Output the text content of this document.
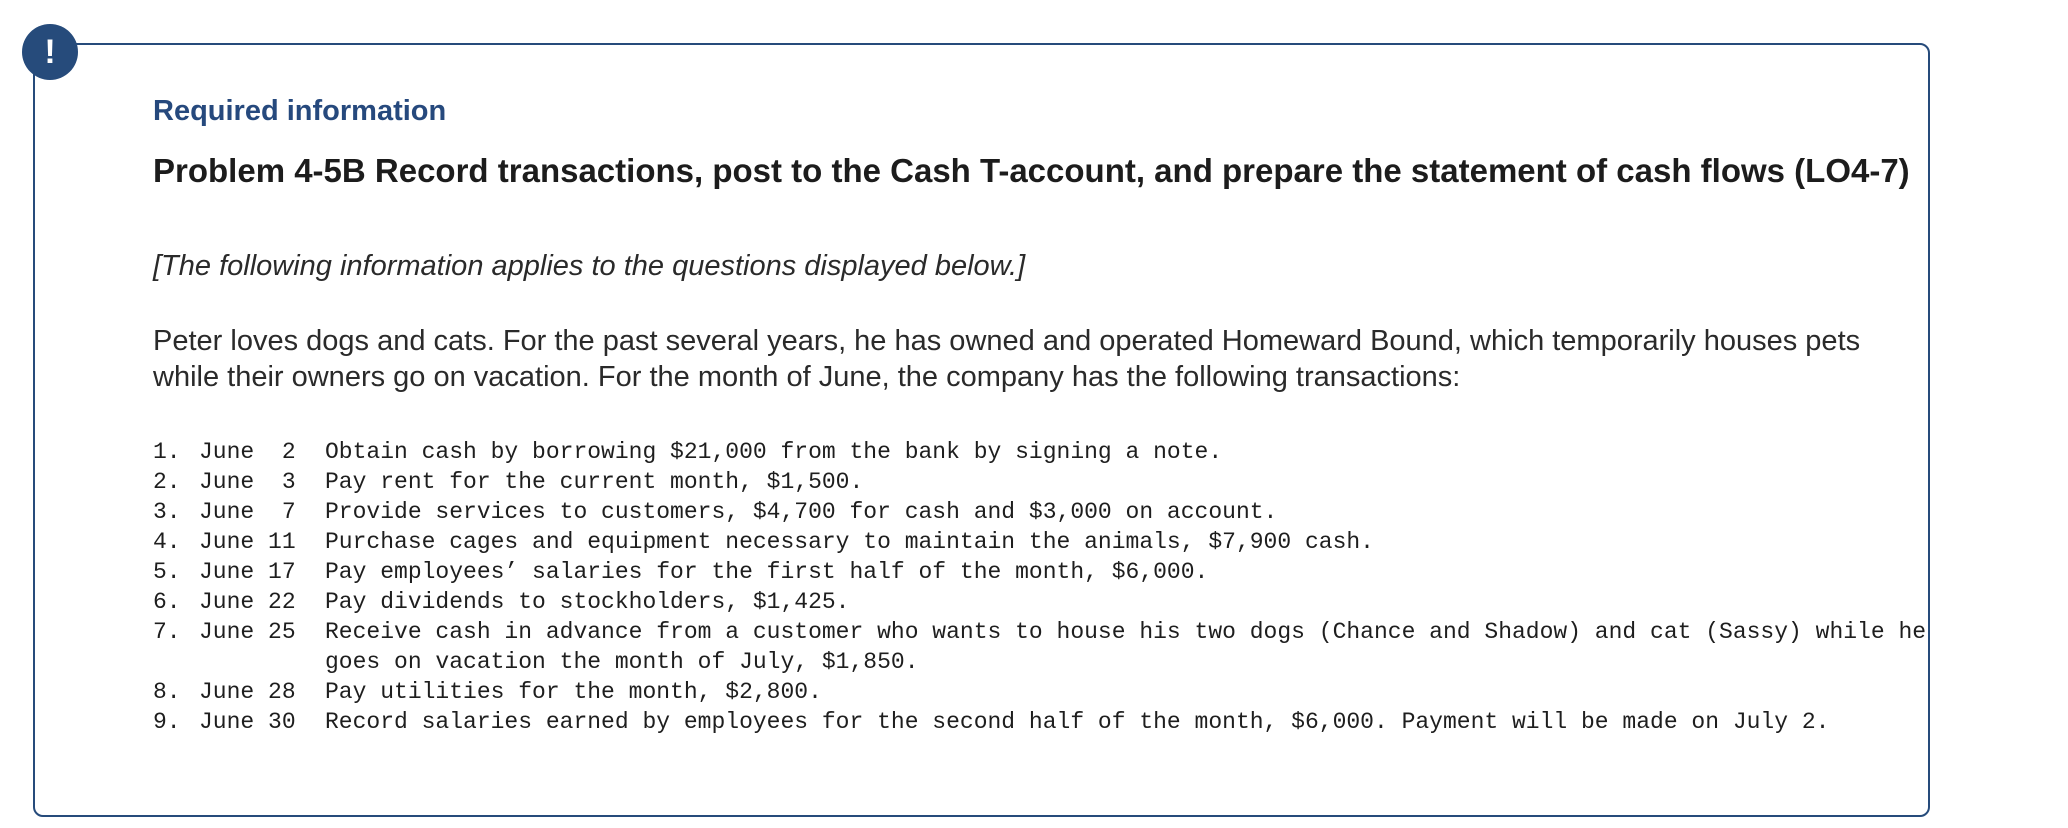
!
Required information
Problem 4-5B Record transactions, post to the Cash T-account, and prepare the statement of cash flows (LO4-7)

[The following information applies to the questions displayed below.]

Peter loves dogs and cats. For the past several years, he has owned and operated Homeward Bound, which temporarily houses pets while their owners go on vacation. For the month of June, the company has the following transactions:

1. June  2	Obtain cash by borrowing $21,000 from the bank by signing a note.
2. June  3	Pay rent for the current month, $1,500.
3. June  7	Provide services to customers, $4,700 for cash and $3,000 on account.
4. June 11	Purchase cages and equipment necessary to maintain the animals, $7,900 cash.
5. June 17	Pay employees’ salaries for the first half of the month, $6,000.
6. June 22	Pay dividends to stockholders, $1,425.
7. June 25	Receive cash in advance from a customer who wants to house his two dogs (Chance and Shadow) and cat (Sassy) while he goes on vacation the month of July, $1,850.
8. June 28	Pay utilities for the month, $2,800.
9. June 30	Record salaries earned by employees for the second half of the month, $6,000. Payment will be made on July 2.
